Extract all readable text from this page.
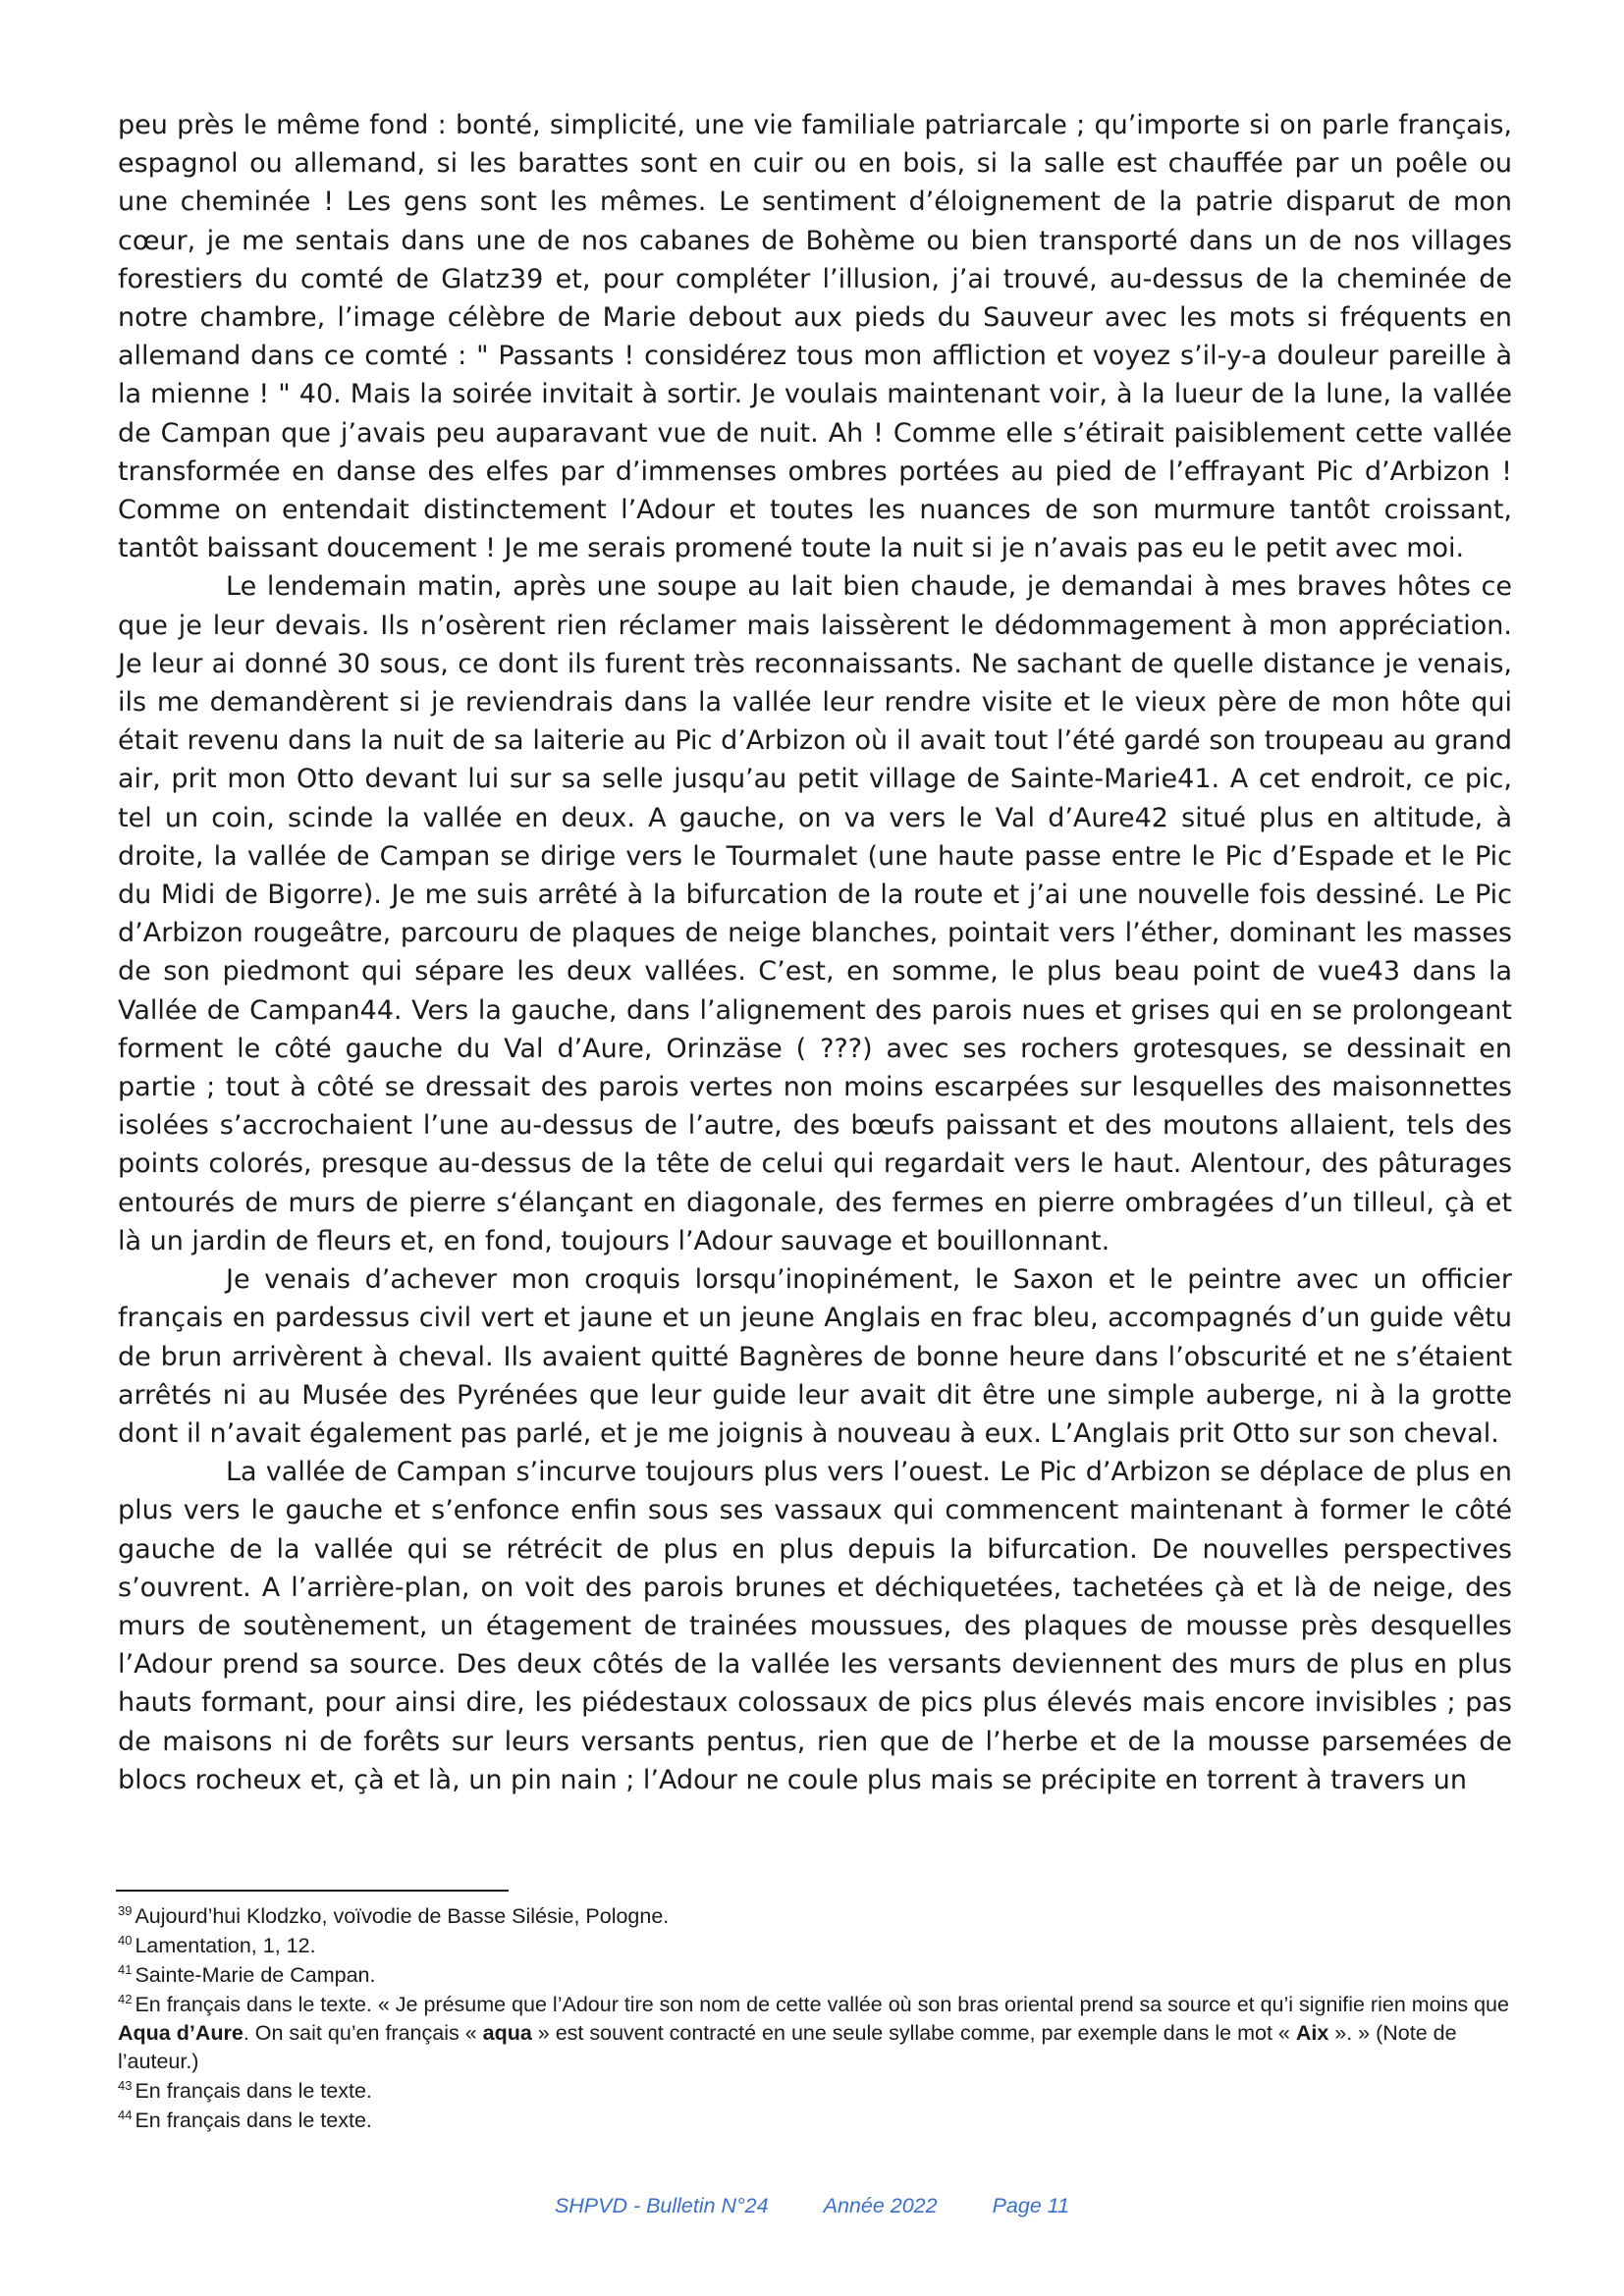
peu près le même fond : bonté, simplicité, une vie familiale patriarcale ; qu’importe si on parle français, espagnol ou allemand, si les barattes sont en cuir ou en bois, si la salle est chauffée par un poêle ou une cheminée ! Les gens sont les mêmes. Le sentiment d’éloignement de la patrie disparut de mon cœur, je me sentais dans une de nos cabanes de Bohème ou bien transporté dans un de nos villages forestiers du comté de Glatz39 et, pour compléter l’illusion, j’ai trouvé, au-dessus de la cheminée de notre chambre, l’image célèbre de Marie debout aux pieds du Sauveur avec les mots si fréquents en allemand dans ce comté : " Passants ! considérez tous mon affliction et voyez s’il-y-a douleur pareille à la mienne ! " 40. Mais la soirée invitait à sortir. Je voulais maintenant voir, à la lueur de la lune, la vallée de Campan que j’avais peu auparavant vue de nuit. Ah ! Comme elle s’étirait paisiblement cette vallée transformée en danse des elfes par d’immenses ombres portées au pied de l’effrayant Pic d’Arbizon ! Comme on entendait distinctement l’Adour et toutes les nuances de son murmure tantôt croissant, tantôt baissant doucement ! Je me serais promené toute la nuit si je n’avais pas eu le petit avec moi.

Le lendemain matin, après une soupe au lait bien chaude, je demandai à mes braves hôtes ce que je leur devais. Ils n’osèrent rien réclamer mais laissèrent le dédommagement à mon appréciation. Je leur ai donné 30 sous, ce dont ils furent très reconnaissants. Ne sachant de quelle distance je venais, ils me demandèrent si je reviendrais dans la vallée leur rendre visite et le vieux père de mon hôte qui était revenu dans la nuit de sa laiterie au Pic d’Arbizon où il avait tout l’été gardé son troupeau au grand air, prit mon Otto devant lui sur sa selle jusqu’au petit village de Sainte-Marie41. A cet endroit, ce pic, tel un coin, scinde la vallée en deux. A gauche, on va vers le Val d’Aure42 situé plus en altitude, à droite, la vallée de Campan se dirige vers le Tourmalet (une haute passe entre le Pic d’Espade et le Pic du Midi de Bigorre). Je me suis arrêté à la bifurcation de la route et j’ai une nouvelle fois dessiné. Le Pic d’Arbizon rougeâtre, parcouru de plaques de neige blanches, pointait vers l’éther, dominant les masses de son piedmont qui sépare les deux vallées. C’est, en somme, le plus beau point de vue43 dans la Vallée de Campan44. Vers la gauche, dans l’alignement des parois nues et grises qui en se prolongeant forment le côté gauche du Val d’Aure, Orinzäse ( ???) avec ses rochers grotesques, se dessinait en partie ; tout à côté se dressait des parois vertes non moins escarpées sur lesquelles des maisonnettes isolées s’accrochaient l’une au-dessus de l’autre, des bœufs paissant et des moutons allaient, tels des points colorés, presque au-dessus de la tête de celui qui regardait vers le haut. Alentour, des pâturages entourés de murs de pierre s‘élançant en diagonale, des fermes en pierre ombragées d’un tilleul, çà et là un jardin de fleurs et, en fond, toujours l’Adour sauvage et bouillonnant.

Je venais d’achever mon croquis lorsqu’inopinément, le Saxon et le peintre avec un officier français en pardessus civil vert et jaune et un jeune Anglais en frac bleu, accompagnés d’un guide vêtu de brun arrivèrent à cheval. Ils avaient quitté Bagnères de bonne heure dans l’obscurité et ne s’étaient arrêtés ni au Musée des Pyrénées que leur guide leur avait dit être une simple auberge, ni à la grotte dont il n’avait également pas parlé, et je me joignis à nouveau à eux. L’Anglais prit Otto sur son cheval.

La vallée de Campan s’incurve toujours plus vers l’ouest. Le Pic d’Arbizon se déplace de plus en plus vers le gauche et s’enfonce enfin sous ses vassaux qui commencent maintenant à former le côté gauche de la vallée qui se rétrécit de plus en plus depuis la bifurcation. De nouvelles perspectives s’ouvrent. A l’arrière-plan, on voit des parois brunes et déchiquetées, tachetées çà et là de neige, des murs de soutènement, un étagement de trainées moussues, des plaques de mousse près desquelles l’Adour prend sa source. Des deux côtés de la vallée les versants deviennent des murs de plus en plus hauts formant, pour ainsi dire, les piédestaux colossaux de pics plus élevés mais encore invisibles ; pas de maisons ni de forêts sur leurs versants pentus, rien que de l’herbe et de la mousse parsemées de blocs rocheux et, çà et là, un pin nain ; l’Adour ne coule plus mais se précipite en torrent à travers un

$^{39}$ Aujourd’hui Klodzko, voïvodie de Basse Silésie, Pologne.
$^{40}$ Lamentation, 1, 12.
$^{41}$ Sainte-Marie de Campan.
$^{42}$ En français dans le texte. « Je présume que l’Adour tire son nom de cette vallée où son bras oriental prend sa source et qu’i signifie rien moins que Aqua d’Aure. On sait qu’en français « aqua » est souvent contracté en une seule syllabe comme, par exemple dans le mot « Aix ». » (Note de l’auteur.)
$^{43}$ En français dans le texte.
$^{44}$ En français dans le texte.
SHPVD - Bulletin N°24	Année 2022	Page 11
